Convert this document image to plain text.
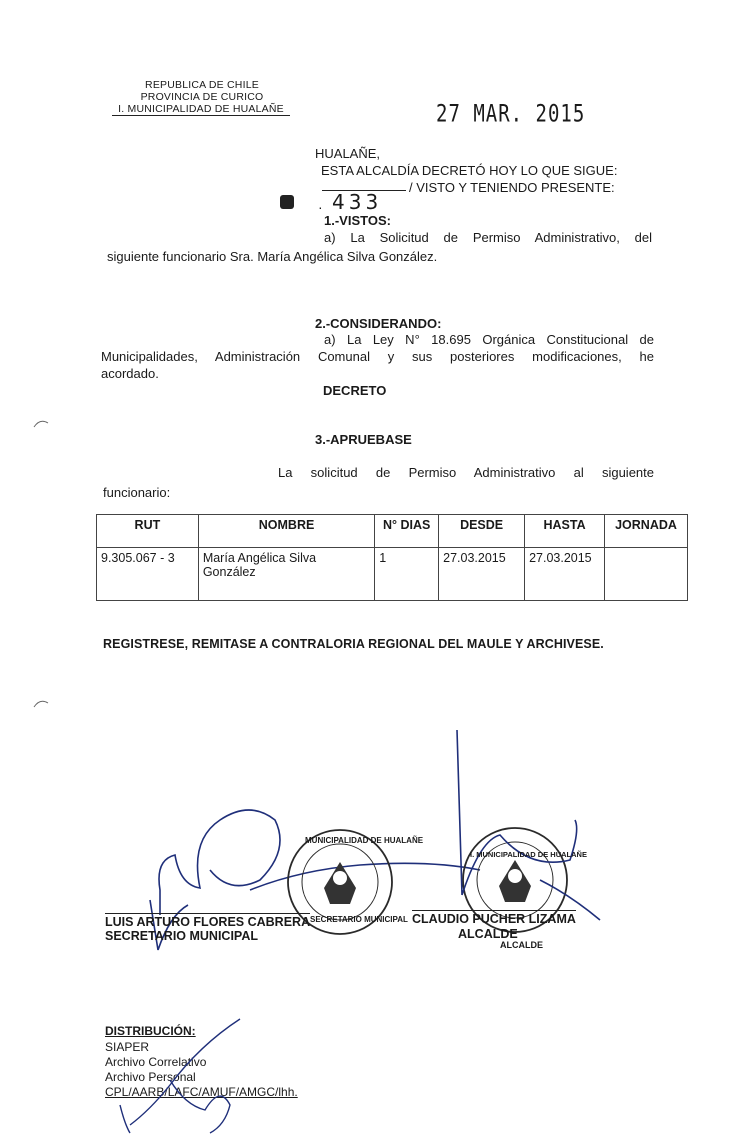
REPUBLICA DE CHILE
PROVINCIA DE CURICO
I. MUNICIPALIDAD DE HUALAÑE	27 MAR. 2015
HUALAÑE,
ESTA ALCALDÍA DECRETÓ HOY LO QUE SIGUE:
/ VISTO Y TENIENDO PRESENTE:
· 433
1.-VISTOS:
a) La Solicitud de Permiso Administrativo, del
siguiente funcionario Sra. María Angélica Silva González.
2.-CONSIDERANDO:
a) La Ley N° 18.695 Orgánica Constitucional de
Municipalidades, Administración Comunal y sus posteriores modificaciones, he
acordado.
DECRETO
3.-APRUEBASE
La solicitud de Permiso Administrativo al siguiente
funcionario:
RUT	NOMBRE	N° DIAS	DESDE	HASTA	JORNADA
9.305.067 - 3	María Angélica Silva González	1	27.03.2015	27.03.2015	
REGISTRESE, REMITASE A CONTRALORIA REGIONAL DEL MAULE Y ARCHIVESE.
MUNICIPALIDAD DE HUALAÑE
SECRETARIO MUNICIPAL
I. MUNICIPALIDAD DE HUALAÑE
ALCALDE
LUIS ARTURO FLORES CABRERA
SECRETARIO MUNICIPAL
CLAUDIO PUCHER LIZAMA
ALCALDE
DISTRIBUCIÓN:
SIAPER
Archivo Correlativo
Archivo Personal
CPL/AARB/LAFC/AMUF/AMGC/lhh.
